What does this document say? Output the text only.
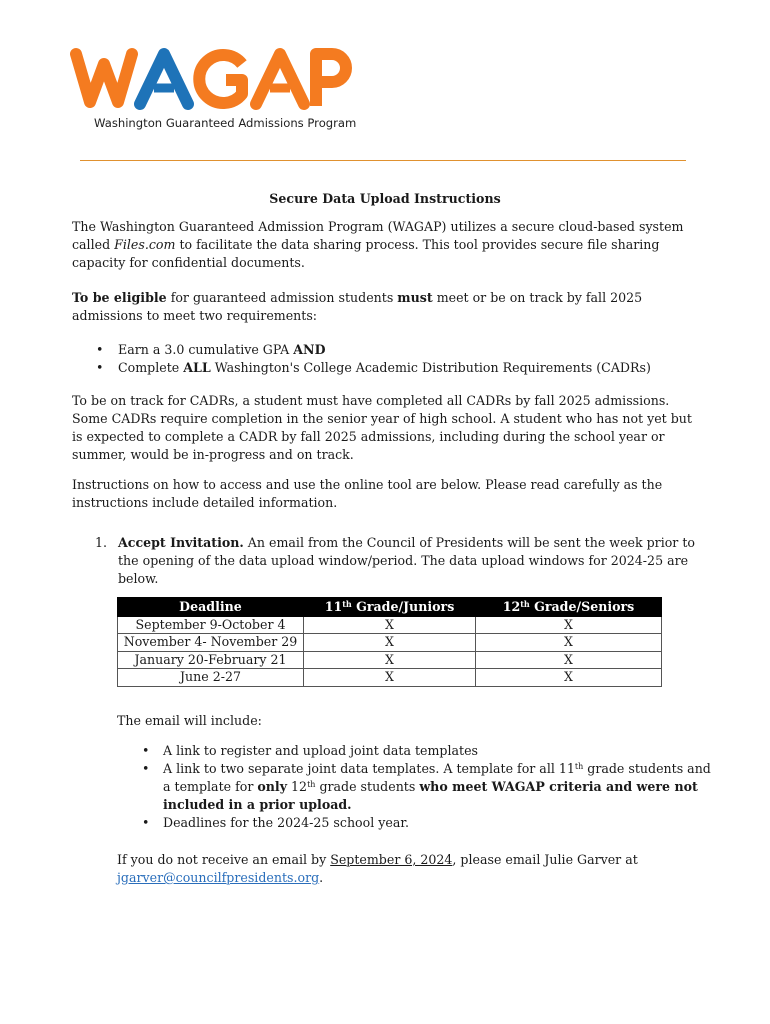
Washington Guaranteed Admissions Program
Secure Data Upload Instructions
The Washington Guaranteed Admission Program (WAGAP) utilizes a secure cloud-based system called Files.com to facilitate the data sharing process. This tool provides secure file sharing capacity for confidential documents.
To be eligible for guaranteed admission students must meet or be on track by fall 2025 admissions to meet two requirements:
• Earn a 3.0 cumulative GPA AND
• Complete ALL Washington's College Academic Distribution Requirements (CADRs)
To be on track for CADRs, a student must have completed all CADRs by fall 2025 admissions. Some CADRs require completion in the senior year of high school. A student who has not yet but is expected to complete a CADR by fall 2025 admissions, including during the school year or summer, would be in-progress and on track.
Instructions on how to access and use the online tool are below. Please read carefully as the instructions include detailed information.
1. Accept Invitation. An email from the Council of Presidents will be sent the week prior to the opening of the data upload window/period. The data upload windows for 2024-25 are below.
Deadline	11th Grade/Juniors	12th Grade/Seniors
September 9-October 4	X	X
November 4- November 29	X	X
January 20-February 21	X	X
June 2-27	X	X
The email will include:
• A link to register and upload joint data templates
• A link to two separate joint data templates. A template for all 11th grade students and a template for only 12th grade students who meet WAGAP criteria and were not included in a prior upload.
• Deadlines for the 2024-25 school year.
If you do not receive an email by September 6, 2024, please email Julie Garver at jgarver@councilfpresidents.org.
